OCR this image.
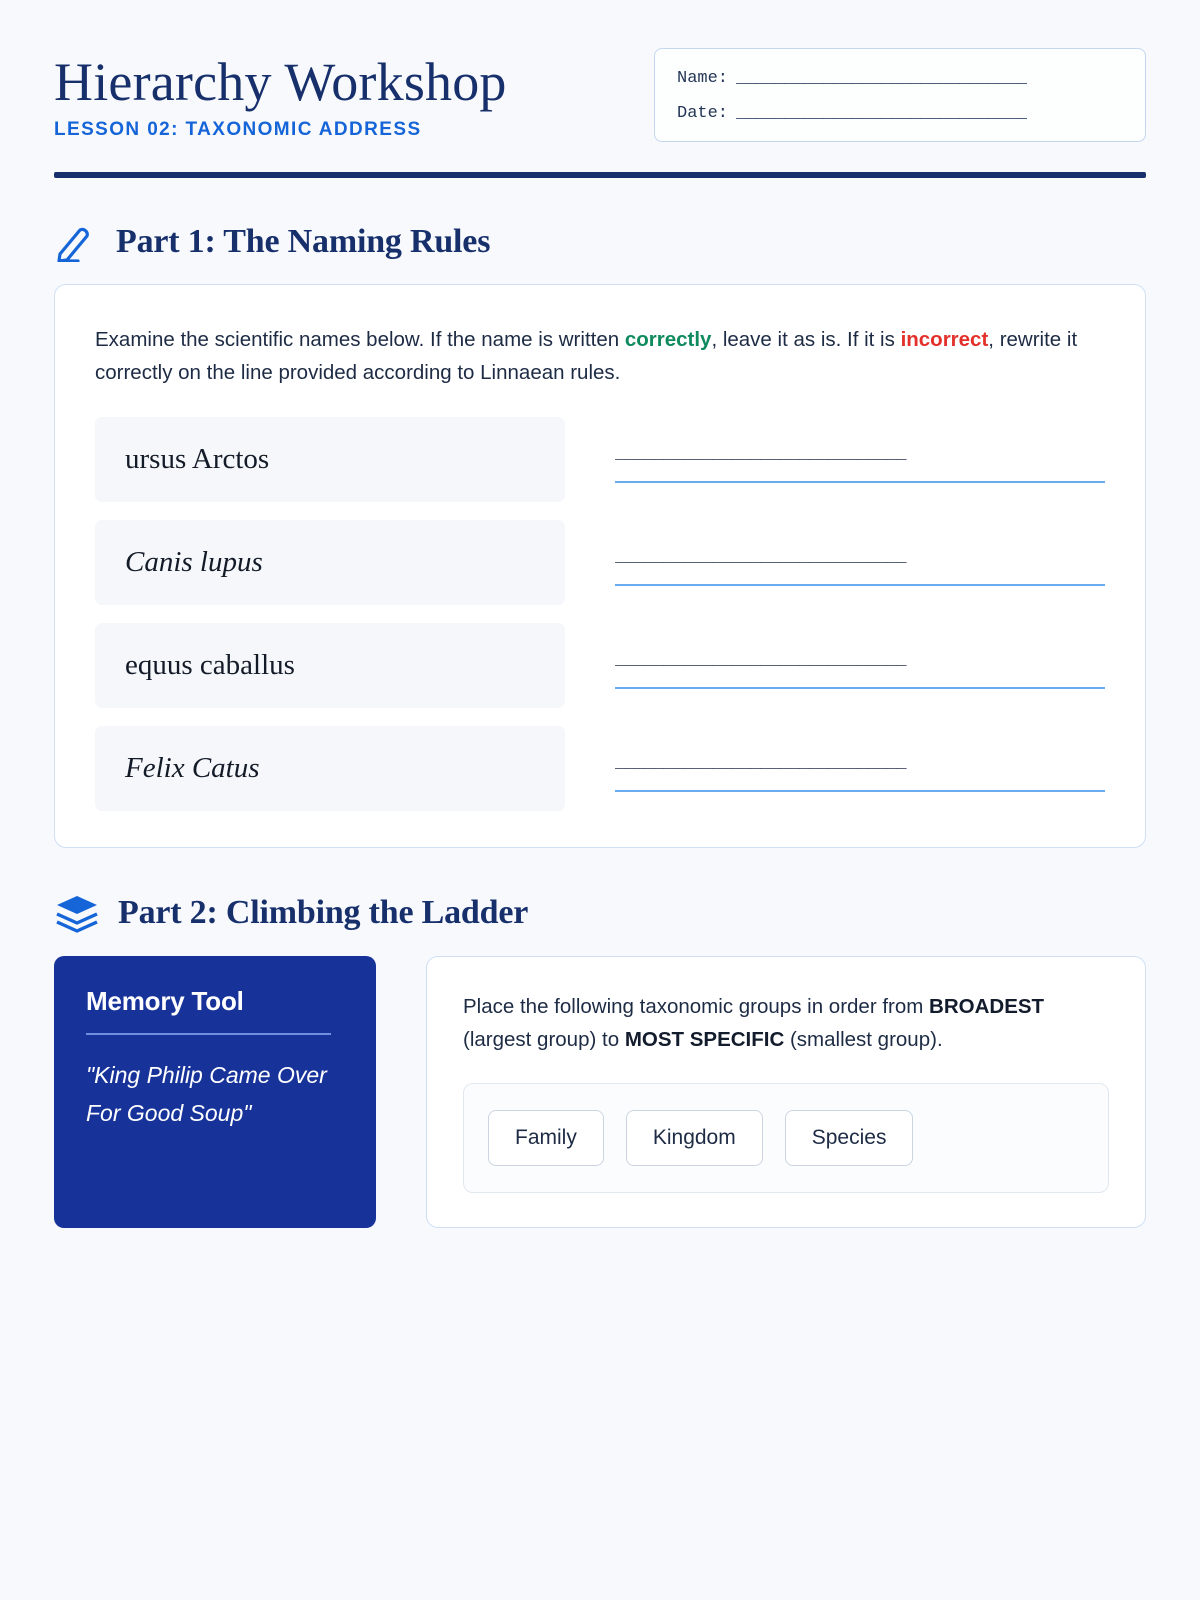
Hierarchy Workshop
LESSON 02: TAXONOMIC ADDRESS
Name: ______________________________
Date: ______________________________
Part 1: The Naming Rules

Examine the scientific names below. If the name is written correctly, leave it as is. If it is incorrect, rewrite it correctly on the line provided according to Linnaean rules.

ursus Arctos	______________________________
Canis lupus	______________________________
equus caballus	______________________________
Felix Catus	______________________________
Part 2: Climbing the Ladder
Memory Tool

"King Philip Came Over For Good Soup"

Place the following taxonomic groups in order from BROADEST (largest group) to MOST SPECIFIC (smallest group).

Family	Kingdom	Species
